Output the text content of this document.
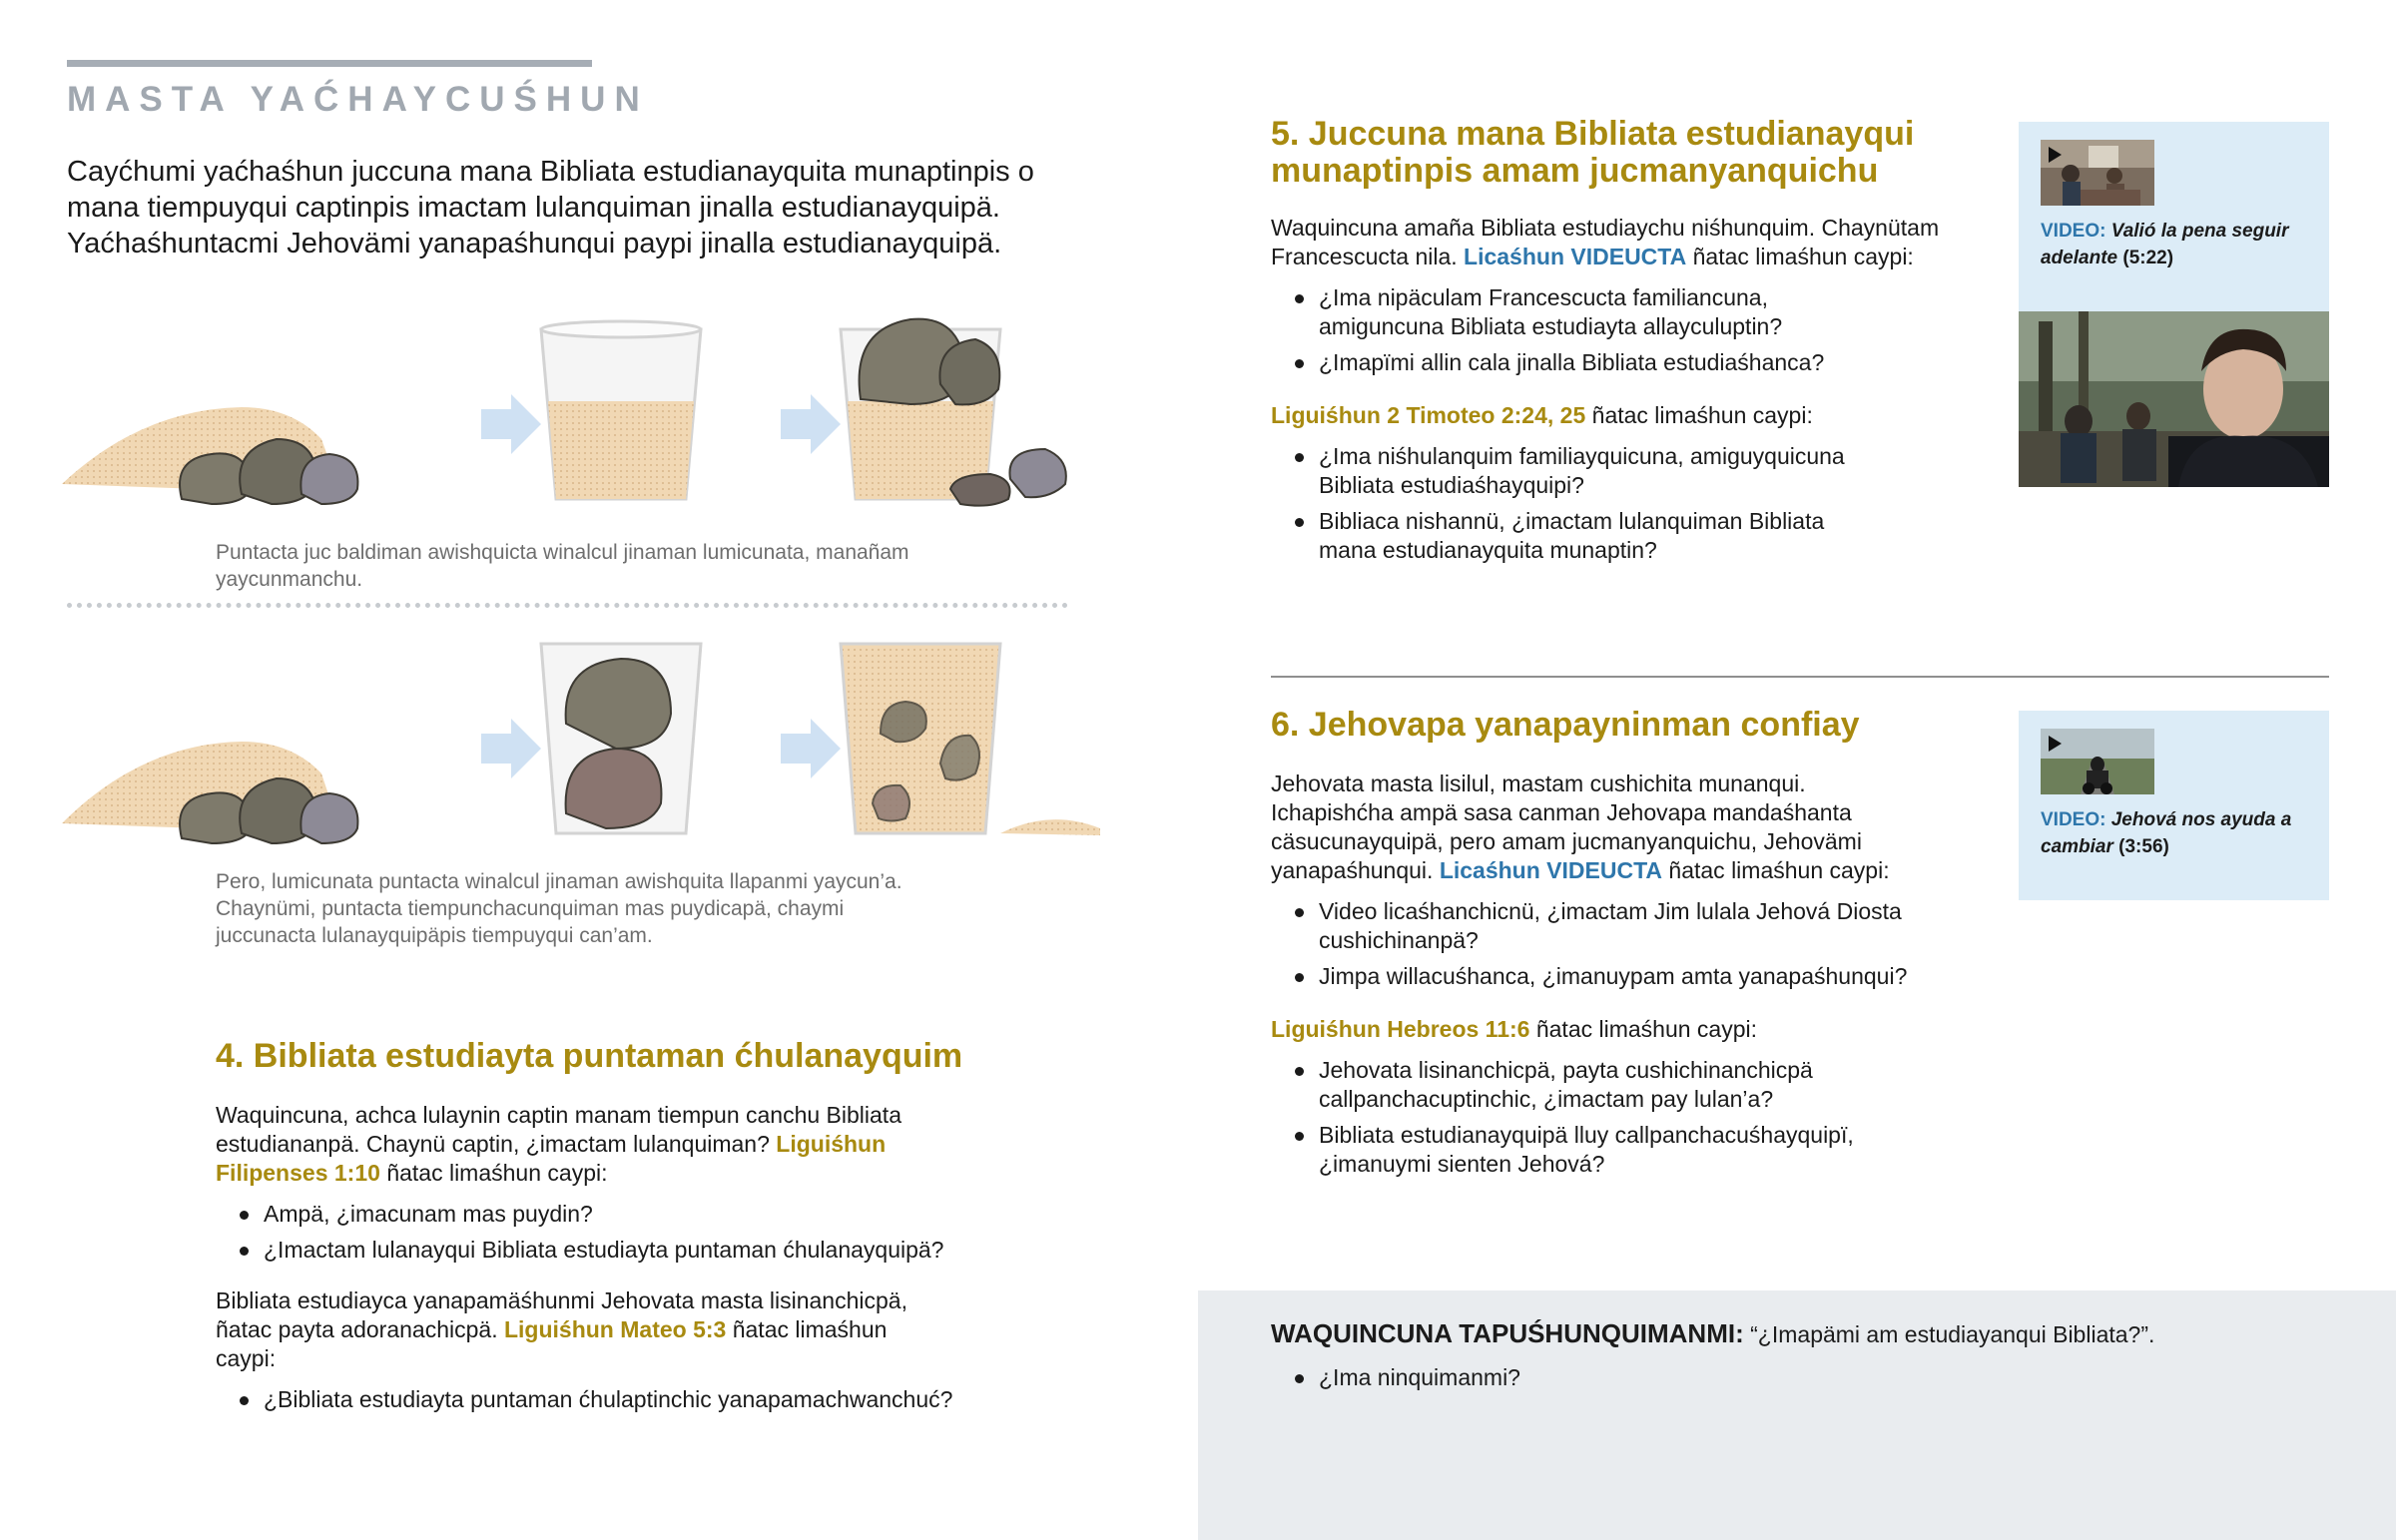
MASTA YAĆHAYCUŚHUN
Cayćhumi yaćhaśhun juccuna mana Bibliata estudianayquita munaptinpis o mana tiempuyqui captinpis imactam lulanquiman jinalla estudianayquipä. Yaćhaśhuntacmi Jehoväm​i yanapaśhunqui paypi jinalla estudianayquipä.
Puntacta juc baldiman awishquicta winalcul jinaman lumicunata, manañam yaycunmanchu.
Pero, lumicunata puntacta winalcul jinaman awishquita llapanmi yaycun’a. Chaynümi, puntacta tiempunchacunquiman mas puydicapä, chaymi juccunacta lulanayquipäpis tiempuyqui can’am.
4. Bibliata estudiayta puntaman ćhulanayquim
Waquincuna, achca lulaynin captin manam tiempun canchu Bibliata estudiananpä. Chaynü captin, ¿imactam lulanquiman? Liguiśhun Filipenses 1:10 ñatac limaśhun caypi:
Ampä, ¿imacunam mas puydin?
¿Imactam lulanayqui Bibliata estudiayta puntaman ćhulanayquipä?
Bibliata estudiayca yanapamäśhunmi Jehovata masta lisinanchicpä, ñatac payta adoranachicpä. Liguiśhun Mateo 5:3 ñatac limaśhun caypi:
¿Bibliata estudiayta puntaman ćhulaptinchic yanapamachwanchuć?
5. Juccuna mana Bibliata estudianayqui munaptinpis amam jucmanyanquichu
Waquincuna amaña Bibliata estudiaychu niśhunquim. Chaynütam Francescucta nila. Licaśhun VIDEUCTA ñatac limaśhun caypi:
¿Ima nipäculam Francescucta familiancuna, amiguncuna Bibliata estudiayta allayculuptin?
¿Imapïmi allin cala jinalla Bibliata estudiaśhanca?
Liguiśhun 2 Timoteo 2:24, 25 ñatac limaśhun caypi:
¿Ima niśhulanquim familiayquicuna, amiguyquicuna Bibliata estudiaśhayquipi?
Bibliaca nishannü, ¿imactam lulanquiman Bibliata mana estudianayquita munaptin?
VIDEO: Valió la pena seguir adelante (5:22)
6. Jehovapa yanapayninman confiay
Jehovata masta lisilul, mastam cushichita munanqui. Ichapishćha ampä sasa canman Jehovapa mandaśhanta cäsucunayquipä, pero amam jucmanyanquichu, Jehoväm​i yanapaśhunqui. Licaśhun VIDEUCTA ñatac limaśhun caypi:
Video licaśhanchicnü, ¿imactam Jim lulala Jehová Diosta cushichinanpä?
Jimpa willacuśhanca, ¿imanuypam amta yanapaśhunqui?
Liguiśhun Hebreos 11:6 ñatac limaśhun caypi:
Jehovata lisinanchicpä, payta cushichinanchicpä callpanchacuptinchic, ¿imactam pay lulan’a?
Bibliata estudianayquipä lluy callpanchacuśhayquipï, ¿imanuymi sienten Jehová?
VIDEO: Jehová nos ayuda a cambiar (3:56)
WAQUINCUNA TAPUŚHUNQUIMANMI: “¿Imapämi am estudiayanqui Bibliata?”.
¿Ima ninquimanmi?
